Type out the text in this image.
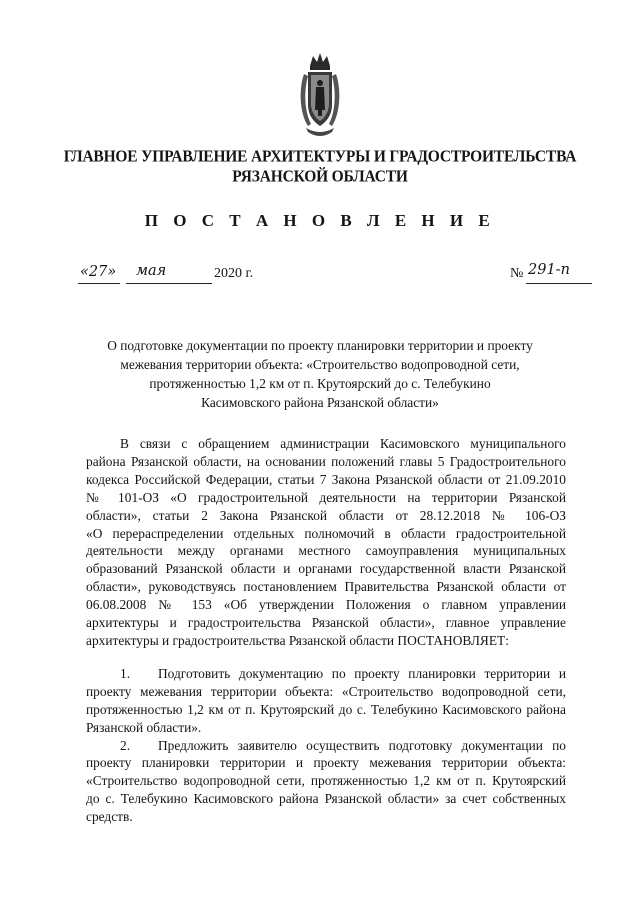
ГЛАВНОЕ УПРАВЛЕНИЕ АРХИТЕКТУРЫ И ГРАДОСТРОИТЕЛЬСТВА
РЯЗАНСКОЙ ОБЛАСТИ
П О С Т А Н О В Л Е Н И Е
«27» мая	2020 г.	№ 291-п
О подготовке документации по проекту планировки территории и проекту
межевания территории объекта: «Строительство водопроводной сети,
протяженностью 1,2 км от п. Крутоярский до с. Телебукино
Касимовского района Рязанской области»
В связи с обращением администрации Касимовского муниципального
района Рязанской области, на основании положений главы 5 Градостроительного
кодекса Российской Федерации, статьи 7 Закона Рязанской области от 21.09.2010
№ 101-ОЗ «О градостроительной деятельности на территории Рязанской
области», статьи 2 Закона Рязанской области от 28.12.2018 № 106-ОЗ
«О перераспределении отдельных полномочий в области градостроительной
деятельности между органами местного самоуправления муниципальных
образований Рязанской области и органами государственной власти Рязанской
области», руководствуясь постановлением Правительства Рязанской области от
06.08.2008 № 153 «Об утверждении Положения о главном управлении
архитектуры и градостроительства Рязанской области», главное управление
архитектуры и градостроительства Рязанской области ПОСТАНОВЛЯЕТ:
1. Подготовить документацию по проекту планировки территории и
проекту межевания территории объекта: «Строительство водопроводной сети,
протяженностью 1,2 км от п. Крутоярский до с. Телебукино Касимовского района
Рязанской области».
2. Предложить заявителю осуществить подготовку документации по
проекту планировки территории и проекту межевания территории объекта:
«Строительство водопроводной сети, протяженностью 1,2 км от п. Крутоярский
до с. Телебукино Касимовского района Рязанской области» за счет собственных
средств.
